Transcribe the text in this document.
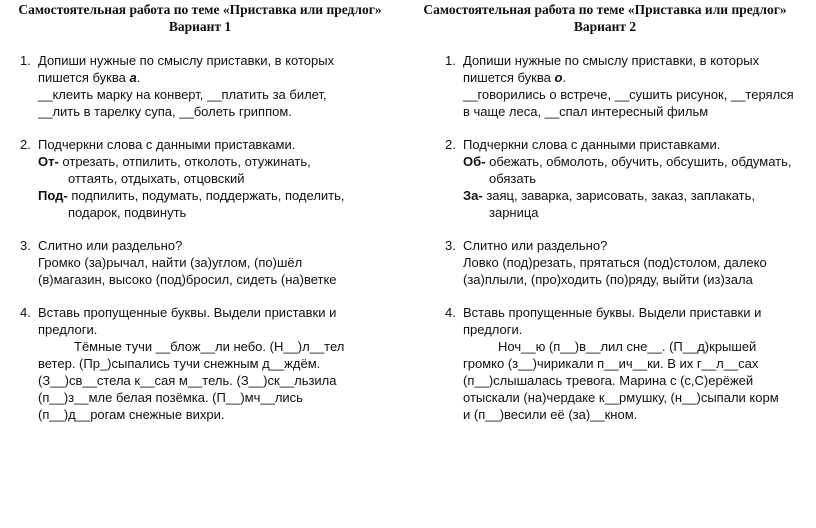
Самостоятельная работа по теме «Приставка или предлог»
Вариант 1
1. Допиши нужные по смыслу приставки, в которых
пишется буква а.
__клеить марку на конверт, __платить за билет,
__лить в тарелку супа, __болеть гриппом.
2. Подчеркни слова с данными приставками.
От- отрезать, отпилить, отколоть, отужинать,
оттаять, отдыхать, отцовский
Под- подпилить, подумать, поддержать, поделить,
подарок, подвинуть
3. Слитно или раздельно?
Громко (за)рычал, найти (за)углом, (по)шёл
(в)магазин, высоко (под)бросил, сидеть (на)ветке
4. Вставь пропущенные буквы. Выдели приставки и
предлоги.
Тёмные тучи __блож__ли небо. (Н__)л__тел
ветер. (Пр_)сыпались тучи снежным д__ждём.
(З__)св__стела к__сая м__тель. (З__)ск__льзила
(п__)з__мле белая позёмка. (П__)мч__лись
(п__)д__рогам снежные вихри.
Самостоятельная работа по теме «Приставка или предлог»
Вариант 2
1. Допиши нужные по смыслу приставки, в которых
пишется буква о.
__говорились о встрече, __сушить рисунок, __терялся
в чаще леса, __спал интересный фильм
2. Подчеркни слова с данными приставками.
Об- обежать, обмолоть, обучить, обсушить, обдумать,
обязать
За- заяц, заварка, зарисовать, заказ, заплакать,
зарница
3. Слитно или раздельно?
Ловко (под)резать, прятаться (под)столом, далеко
(за)плыли, (про)ходить (по)ряду, выйти (из)зала
4. Вставь пропущенные буквы. Выдели приставки и
предлоги.
Ноч__ю (п__)в__лил сне__. (П__д)крышей
громко (з__)чирикали п__ич__ки. В их г__л__сах
(п__)слышалась тревога. Марина с (с,С)ерёжей
отыскали (на)чердаке к__рмушку, (н__)сыпали корм
и (п__)весили её (за)__кном.
